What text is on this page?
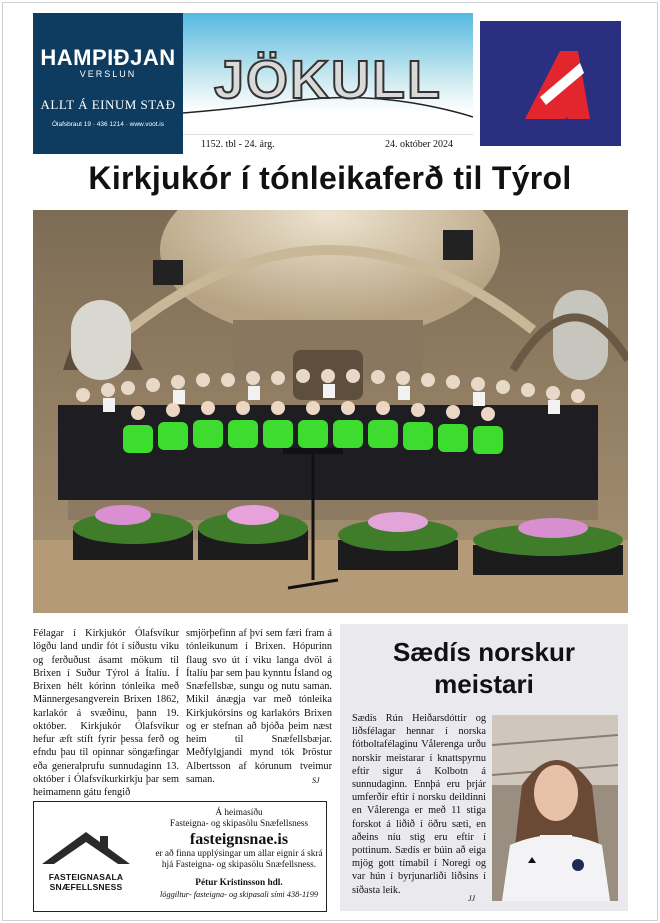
HAMPIÐJAN
VERSLUN
ALLT Á EINUM STAÐ
Ólafsbraut 19 · 436 1214 · www.voot.is
JÖKULL
1152. tbl - 24. árg.	24. október 2024
Kirkjukór í tónleikaferð til Týrol
Félagar í Kirkjukór Ólafsvíkur lögðu land undir fót í síðustu viku og ferðuðust ásamt mökum til Brixen í Suður Týrol á Ítalíu. Í Brixen hélt kórinn tónleika með Männergesangverein Brixen 1862, karlakór á svæðinu, þann 19. október. Kirkjukór Ólafsvíkur hefur æft stíft fyrir þessa ferð og efndu þau til opinnar söngæfingar eða generalprufu sunnudaginn 13. október í Ólafsvíkurkirkju þar sem heimamenn gátu fengið
smjörþefinn af því sem færi fram á tónleikunum í Brixen. Hópurinn flaug svo út í viku langa dvöl á Ítalíu þar sem þau kynntu Ísland og Snæfellsbæ, sungu og nutu saman. Mikil ánægja var með tónleika Kirkjukórsins og karlakórs Brixen og er stefnan að bjóða þeim næst heim til Snæfellsbæjar. Meðfylgjandi mynd tók Þröstur Albertsson af kórunum tveimur saman.	SJ
FASTEIGNASALA
SNÆFELLSNESS
Á heimasíðu
Fasteigna- og skipasölu Snæfellsness
fasteignsnae.is
er að finna upplýsingar um allar eignir á skrá hjá Fasteigna- og skipasölu Snæfellsness.
Pétur Kristinsson hdl.
löggiltur- fasteigna- og skipasali sími 438-1199
Sædís norskur meistari
Sædís Rún Heiðarsdóttir og liðsfélagar hennar í norska fótboltafélaginu Vålerenga urðu norskir meistarar í knattspyrnu eftir sigur á Kolbotn á sunnudaginn. Ennþá eru þrjár umferðir eftir í norsku deildinni en Vålerenga er með 11 stiga forskot á liðið í öðru sæti, en aðeins níu stig eru eftir í pottinum. Sædís er búin að eiga mjög gott tímabil í Noregi og var hún í byrjunarliði liðsins í síðasta leik.
JJ
